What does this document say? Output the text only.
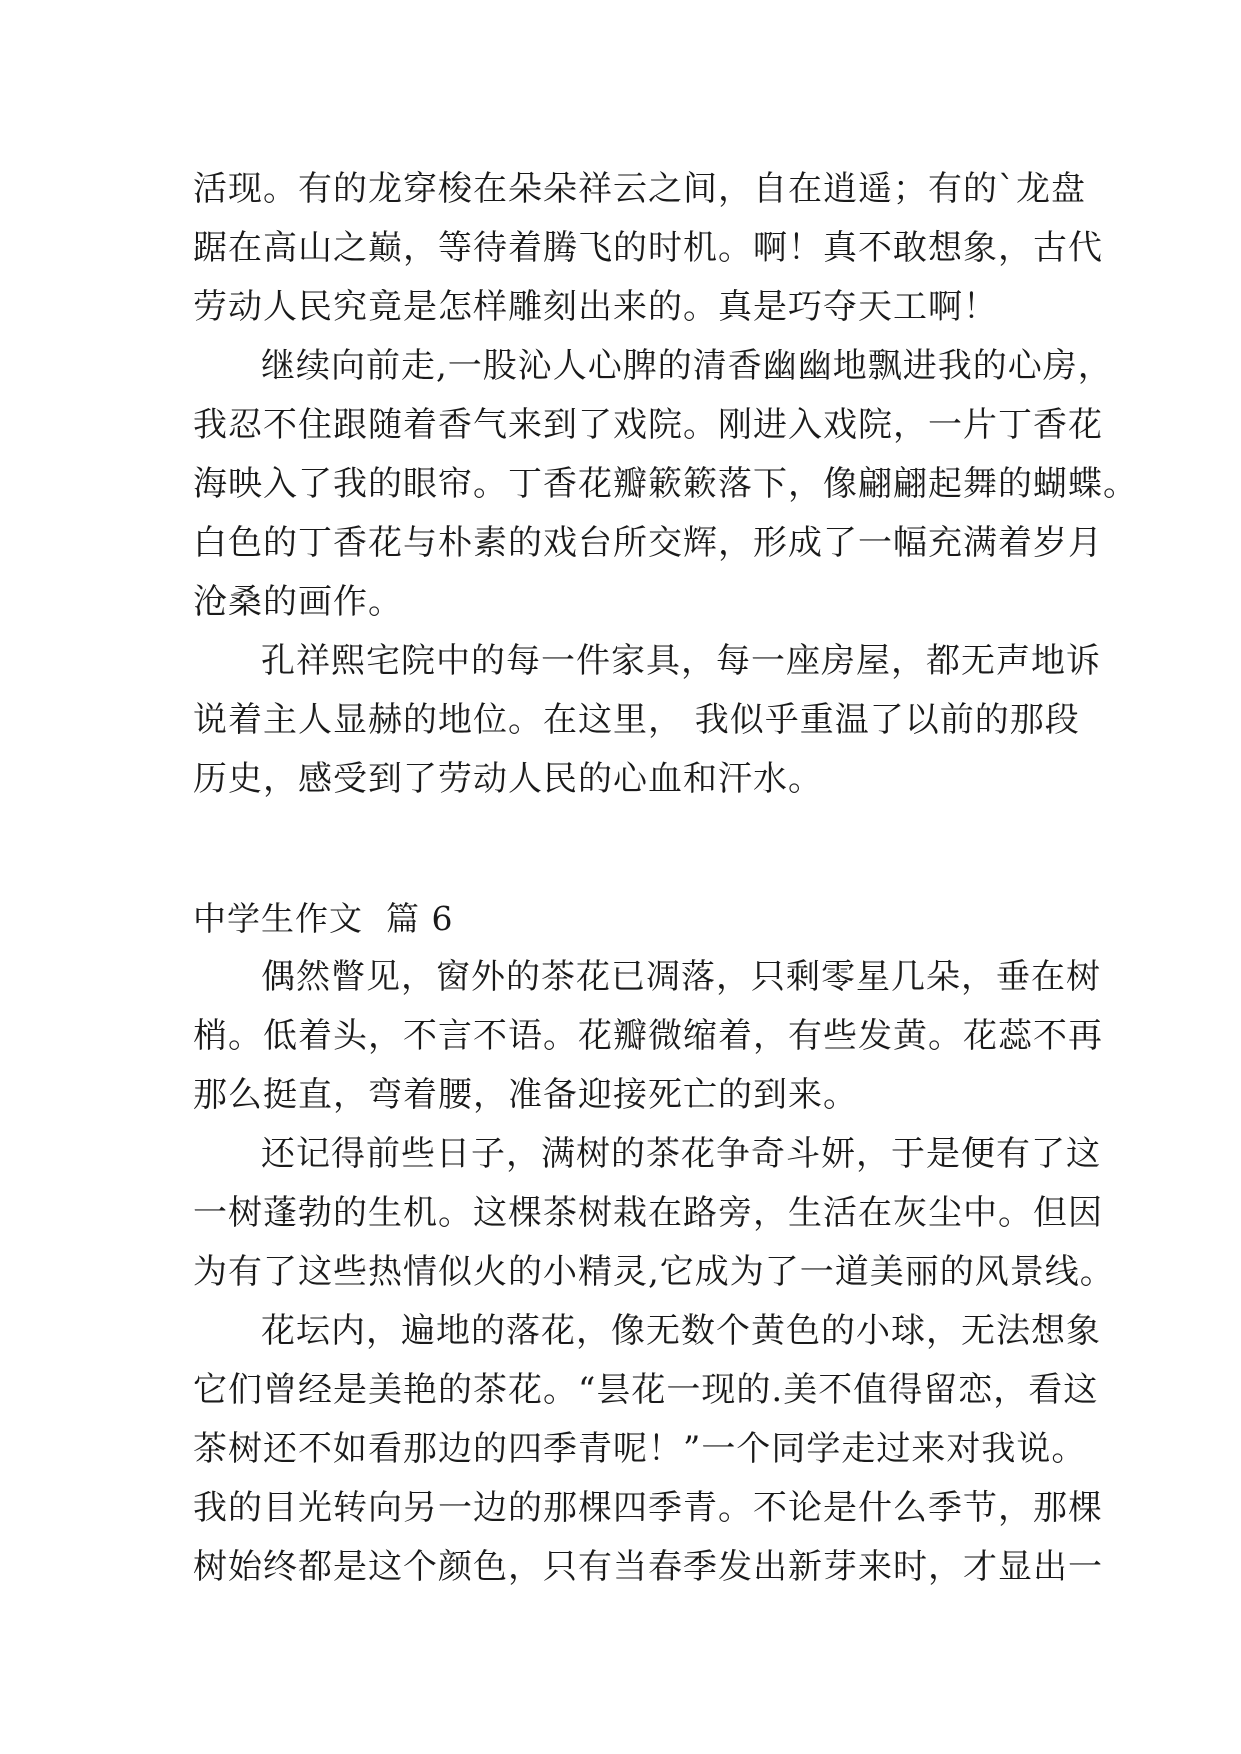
活现。有的龙穿梭在朵朵祥云之间，自在逍遥；有的`龙盘
踞在高山之巅，等待着腾飞的时机。啊！真不敢想象，古代
劳动人民究竟是怎样雕刻出来的。真是巧夺天工啊！
继续向前走,一股沁人心脾的清香幽幽地飘进我的心房，
我忍不住跟随着香气来到了戏院。刚进入戏院，一片丁香花
海映入了我的眼帘。丁香花瓣簌簌落下，像翩翩起舞的蝴蝶。
白色的丁香花与朴素的戏台所交辉，形成了一幅充满着岁月
沧桑的画作。
孔祥熙宅院中的每一件家具，每一座房屋，都无声地诉
说着主人显赫的地位。在这里， 我似乎重温了以前的那段
历史，感受到了劳动人民的心血和汗水。
中学生作文  篇 6
偶然瞥见，窗外的茶花已凋落，只剩零星几朵，垂在树
梢。低着头，不言不语。花瓣微缩着，有些发黄。花蕊不再
那么挺直，弯着腰，准备迎接死亡的到来。
还记得前些日子，满树的茶花争奇斗妍，于是便有了这
一树蓬勃的生机。这棵茶树栽在路旁，生活在灰尘中。但因
为有了这些热情似火的小精灵,它成为了一道美丽的风景线。
花坛内，遍地的落花，像无数个黄色的小球，无法想象
它们曾经是美艳的茶花。“昙花一现的.美不值得留恋，看这
茶树还不如看那边的四季青呢！”一个同学走过来对我说。
我的目光转向另一边的那棵四季青。不论是什么季节，那棵
树始终都是这个颜色，只有当春季发出新芽来时，才显出一
